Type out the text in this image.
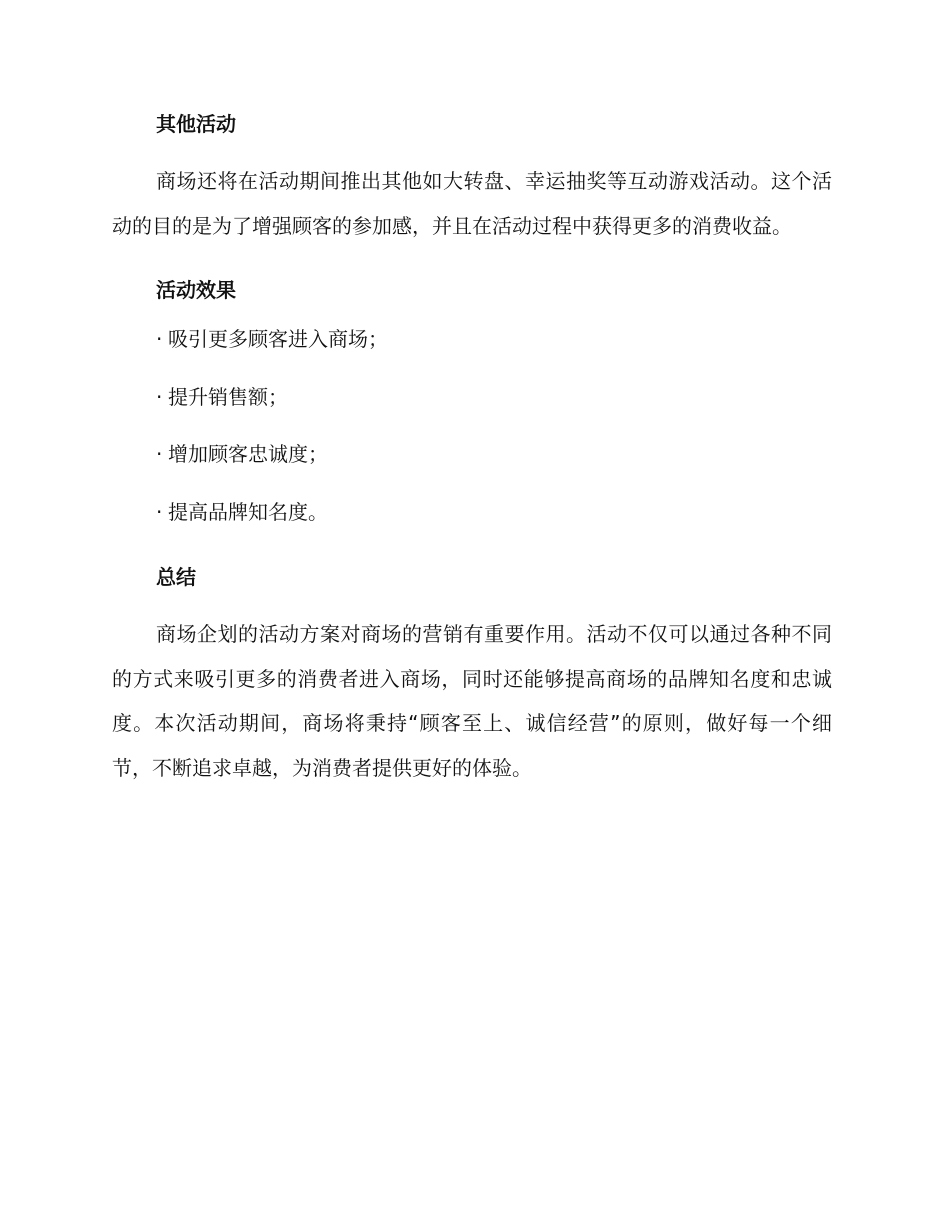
其他活动

商场还将在活动期间推出其他如大转盘、幸运抽奖等互动游戏活动。这个活动的目的是为了增强顾客的参加感，并且在活动过程中获得更多的消费收益。

活动效果
· 吸引更多顾客进入商场；
· 提升销售额；
· 增加顾客忠诚度；
· 提高品牌知名度。
总结

商场企划的活动方案对商场的营销有重要作用。活动不仅可以通过各种不同的方式来吸引更多的消费者进入商场，同时还能够提高商场的品牌知名度和忠诚度。本次活动期间，商场将秉持“顾客至上、诚信经营”的原则，做好每一个细节，不断追求卓越，为消费者提供更好的体验。
